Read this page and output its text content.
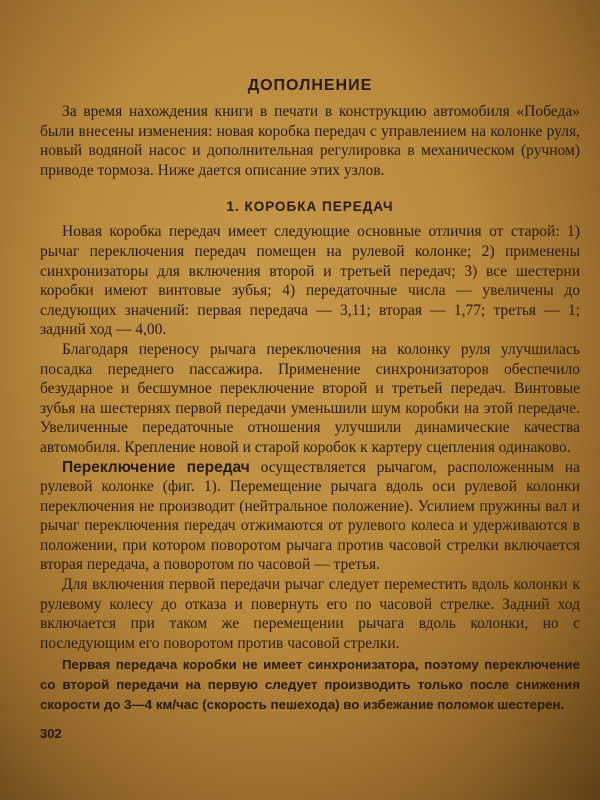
ДОПОЛНЕНИЕ

За время нахождения книги в печати в конструкцию автомобиля «Победа» были внесены изменения: новая коробка передач с управлением на колонке руля, новый водяной насос и дополнительная регулировка в механическом (ручном) приводе тормоза. Ниже дается описание этих узлов.

1. КОРОБКА ПЕРЕДАЧ

Новая коробка передач имеет следующие основные отличия от старой: 1) рычаг переключения передач помещен на рулевой колонке; 2) применены синхронизаторы для включения второй и третьей передач; 3) все шестерни коробки имеют винтовые зубья; 4) передаточные числа — увеличены до следующих значений: первая передача — 3,11; вторая — 1,77; третья — 1; задний ход — 4,00.

Благодаря переносу рычага переключения на колонку руля улучшилась посадка переднего пассажира. Применение синхронизаторов обеспечило безударное и бесшумное переключение второй и третьей передач. Винтовые зубья на шестернях первой передачи уменьшили шум коробки на этой передаче. Увеличенные передаточные отношения улучшили динамические качества автомобиля. Крепление новой и старой коробок к картеру сцепления одинаково.

Переключение передач осуществляется рычагом, расположенным на рулевой колонке (фиг. 1). Перемещение рычага вдоль оси рулевой колонки переключения не производит (нейтральное положение). Усилием пружины вал и рычаг переключения передач отжимаются от рулевого колеса и удерживаются в положении, при котором поворотом рычага против часовой стрелки включается вторая передача, а поворотом по часовой — третья.

Для включения первой передачи рычаг следует переместить вдоль колонки к рулевому колесу до отказа и повернуть его по часовой стрелке. Задний ход включается при таком же перемещении рычага вдоль колонки, но с последующим его поворотом против часовой стрелки.

Первая передача коробки не имеет синхронизатора, поэтому переключение со второй передачи на первую следует производить только после снижения скорости до 3—4 км/час (скорость пешехода) во избежание поломок шестерен.

302
